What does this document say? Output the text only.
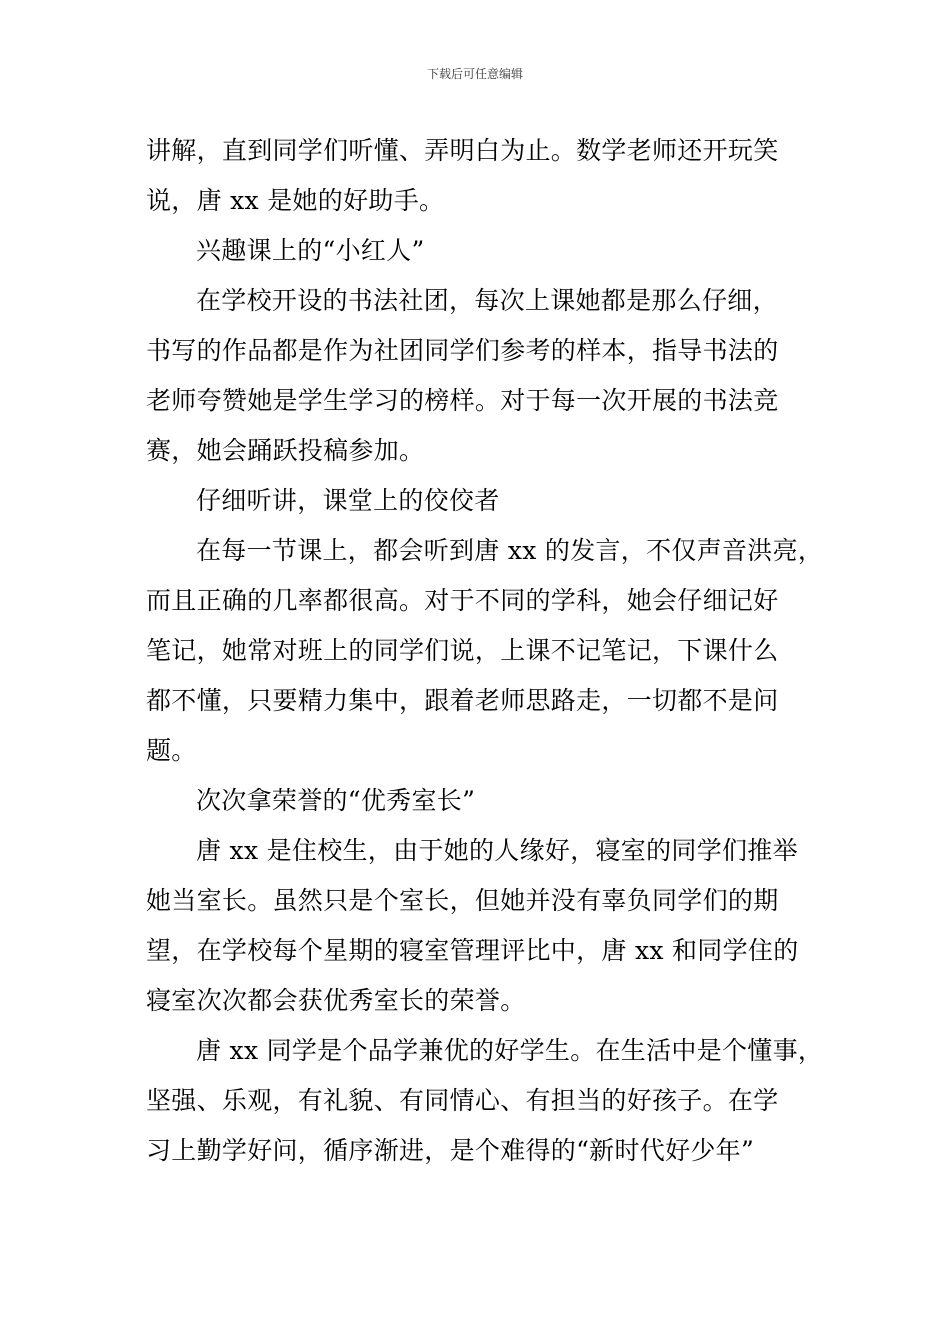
下载后可任意编辑
讲解，直到同学们听懂、弄明白为止。数学老师还开玩笑
说，唐 xx 是她的好助手。
兴趣课上的“小红人”
在学校开设的书法社团，每次上课她都是那么仔细，
书写的作品都是作为社团同学们参考的样本，指导书法的
老师夸赞她是学生学习的榜样。对于每一次开展的书法竞
赛，她会踊跃投稿参加。
仔细听讲，课堂上的佼佼者
在每一节课上，都会听到唐 xx 的发言，不仅声音洪亮，
而且正确的几率都很高。对于不同的学科，她会仔细记好
笔记，她常对班上的同学们说，上课不记笔记，下课什么
都不懂，只要精力集中，跟着老师思路走，一切都不是问
题。
次次拿荣誉的“优秀室长”
唐 xx 是住校生，由于她的人缘好，寝室的同学们推举
她当室长。虽然只是个室长，但她并没有辜负同学们的期
望，在学校每个星期的寝室管理评比中，唐 xx 和同学住的
寝室次次都会获优秀室长的荣誉。
唐 xx 同学是个品学兼优的好学生。在生活中是个懂事，
坚强、乐观，有礼貌、有同情心、有担当的好孩子。在学
习上勤学好问，循序渐进，是个难得的“新时代好少年”
